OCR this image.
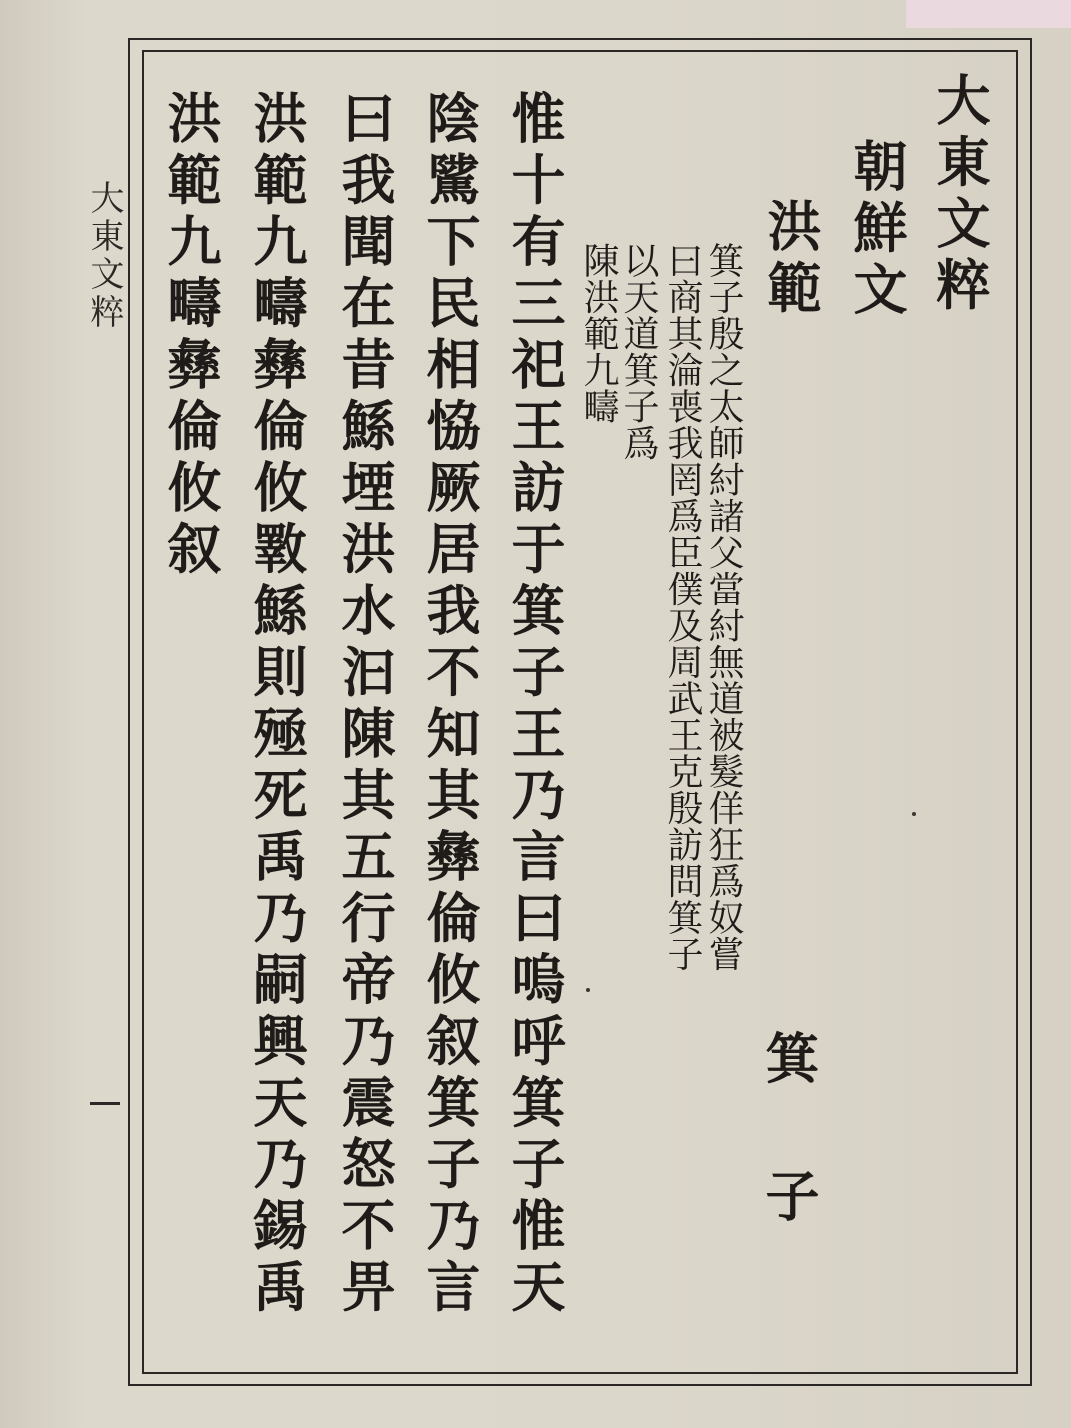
大東文粹	大東文粹

朝鮮文

洪範

箕子

箕子殷之太師紂諸父當紂無道被髮佯狂爲奴嘗

曰商其淪喪我罔爲臣僕及周武王克殷訪問箕子

以天道箕子爲

陳洪範九疇

惟十有三祀王訪于箕子王乃言曰嗚呼箕子惟天

陰騭下民相恊厥居我不知其彝倫攸叙箕子乃言

曰我聞在昔鯀堙洪水汩陳其五行帝乃震怒不畀

洪範九疇彝倫攸斁鯀則殛死禹乃嗣興天乃錫禹

洪範九疇彝倫攸叙
